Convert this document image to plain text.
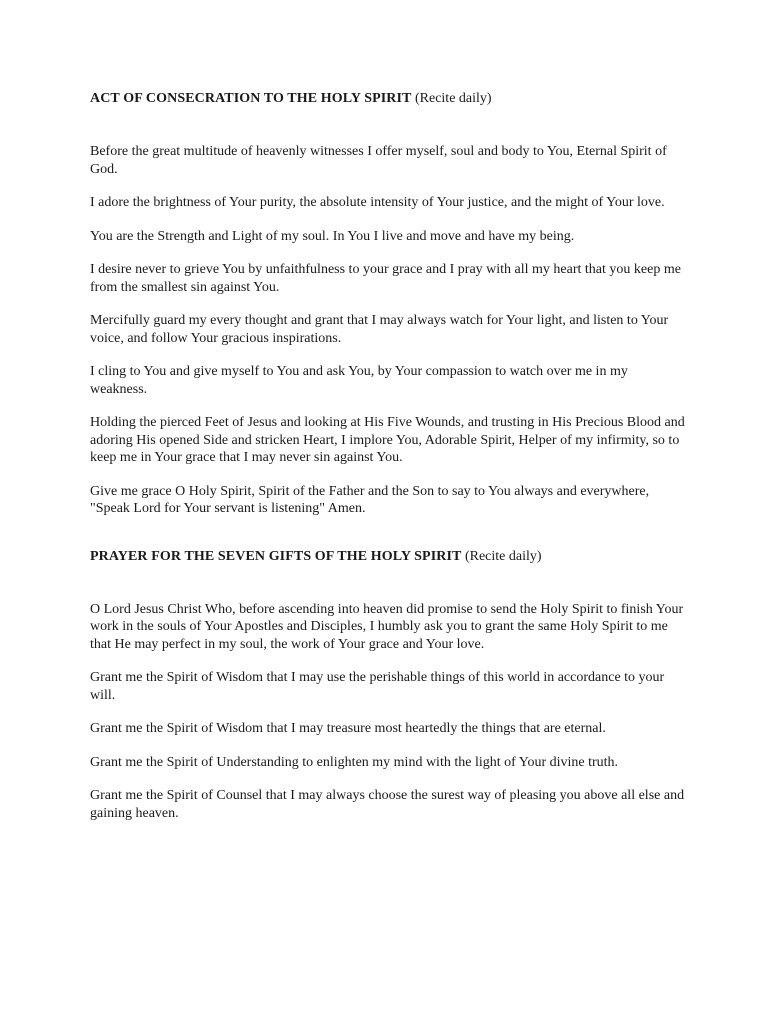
ACT OF CONSECRATION TO THE HOLY SPIRIT (Recite daily)

Before the great multitude of heavenly witnesses I offer myself, soul and body to You, Eternal Spirit of God.

I adore the brightness of Your purity, the absolute intensity of Your justice, and the might of Your love.

You are the Strength and Light of my soul. In You I live and move and have my being.

I desire never to grieve You by unfaithfulness to your grace and I pray with all my heart that you keep me from the smallest sin against You.

Mercifully guard my every thought and grant that I may always watch for Your light, and listen to Your voice, and follow Your gracious inspirations.

I cling to You and give myself to You and ask You, by Your compassion to watch over me in my weakness.

Holding the pierced Feet of Jesus and looking at His Five Wounds, and trusting in His Precious Blood and adoring His opened Side and stricken Heart, I implore You, Adorable Spirit, Helper of my infirmity, so to keep me in Your grace that I may never sin against You.

Give me grace O Holy Spirit, Spirit of the Father and the Son to say to You always and everywhere, "Speak Lord for Your servant is listening" Amen.

PRAYER FOR THE SEVEN GIFTS OF THE HOLY SPIRIT (Recite daily)

O Lord Jesus Christ Who, before ascending into heaven did promise to send the Holy Spirit to finish Your work in the souls of Your Apostles and Disciples, I humbly ask you to grant the same Holy Spirit to me that He may perfect in my soul, the work of Your grace and Your love.

Grant me the Spirit of Wisdom that I may use the perishable things of this world in accordance to your will.

Grant me the Spirit of Wisdom that I may treasure most heartedly the things that are eternal.

Grant me the Spirit of Understanding to enlighten my mind with the light of Your divine truth.

Grant me the Spirit of Counsel that I may always choose the surest way of pleasing you above all else and gaining heaven.
